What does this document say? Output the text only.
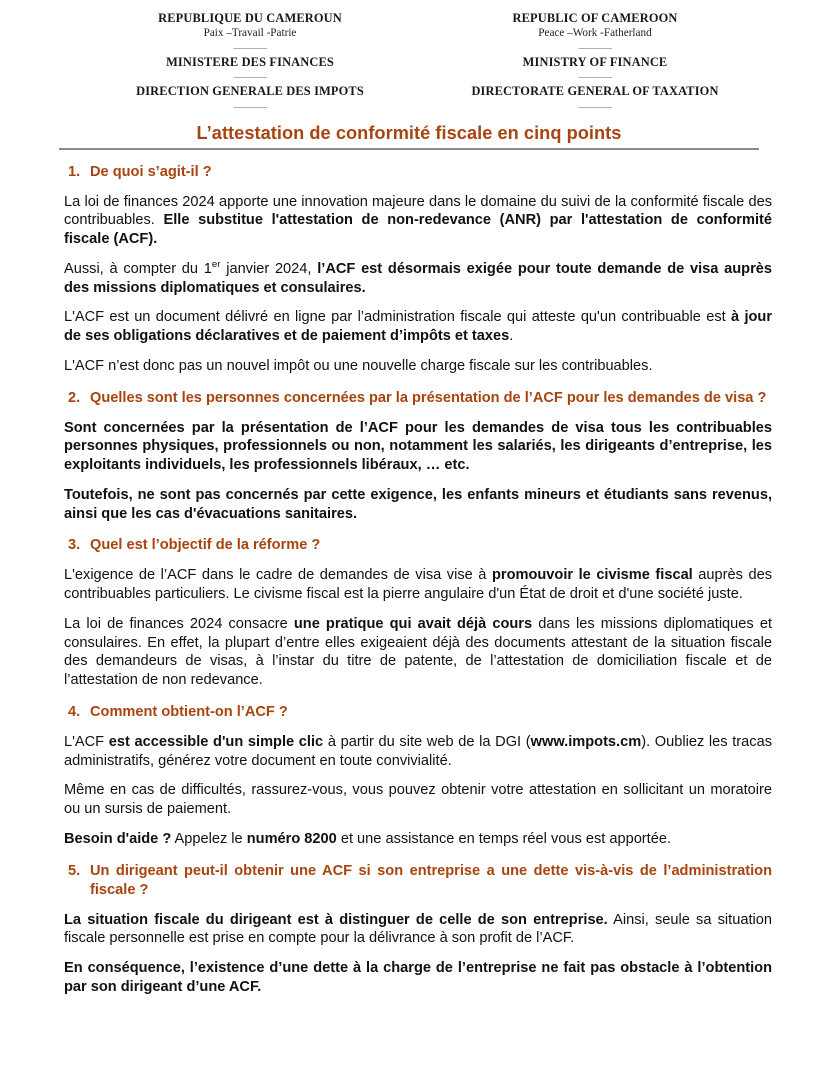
REPUBLIQUE DU CAMEROUN
Paix –Travail -Patrie
--------------
MINISTERE DES FINANCES
--------------
DIRECTION GENERALE DES IMPOTS
--------------
REPUBLIC OF CAMEROON
Peace –Work -Fatherland
--------------
MINISTRY OF FINANCE
--------------
DIRECTORATE GENERAL OF TAXATION
--------------
L’attestation de conformité fiscale en cinq points
1. De quoi s’agit-il ?

La loi de finances 2024 apporte une innovation majeure dans le domaine du suivi de la conformité fiscale des contribuables. Elle substitue l'attestation de non-redevance (ANR) par l'attestation de conformité fiscale (ACF).

Aussi, à compter du 1er janvier 2024, l’ACF est désormais exigée pour toute demande de visa auprès des missions diplomatiques et consulaires.

L'ACF est un document délivré en ligne par l’administration fiscale qui atteste qu'un contribuable est à jour de ses obligations déclaratives et de paiement d’impôts et taxes.

L'ACF n’est donc pas un nouvel impôt ou une nouvelle charge fiscale sur les contribuables.

2. Quelles sont les personnes concernées par la présentation de l’ACF pour les demandes de visa ?

Sont concernées par la présentation de l’ACF pour les demandes de visa tous les contribuables personnes physiques, professionnels ou non, notamment les salariés, les dirigeants d’entreprise, les exploitants individuels, les professionnels libéraux, … etc.

Toutefois, ne sont pas concernés par cette exigence, les enfants mineurs et étudiants sans revenus, ainsi que les cas d'évacuations sanitaires.

3. Quel est l’objectif de la réforme ?

L'exigence de l’ACF dans le cadre de demandes de visa vise à promouvoir le civisme fiscal auprès des contribuables particuliers. Le civisme fiscal est la pierre angulaire d'un État de droit et d'une société juste.

La loi de finances 2024 consacre une pratique qui avait déjà cours dans les missions diplomatiques et consulaires. En effet, la plupart d’entre elles exigeaient déjà des documents attestant de la situation fiscale des demandeurs de visas, à l’instar du titre de patente, de l’attestation de domiciliation fiscale et de l’attestation de non redevance.

4. Comment obtient-on l’ACF ?

L'ACF est accessible d'un simple clic à partir du site web de la DGI (www.impots.cm). Oubliez les tracas administratifs, générez votre document en toute convivialité.

Même en cas de difficultés, rassurez-vous, vous pouvez obtenir votre attestation en sollicitant un moratoire ou un sursis de paiement.

Besoin d'aide ? Appelez le numéro 8200 et une assistance en temps réel vous est apportée.

5. Un dirigeant peut-il obtenir une ACF si son entreprise a une dette vis-à-vis de l’administration fiscale ?

La situation fiscale du dirigeant est à distinguer de celle de son entreprise. Ainsi, seule sa situation fiscale personnelle est prise en compte pour la délivrance à son profit de l’ACF.

En conséquence, l’existence d’une dette à la charge de l’entreprise ne fait pas obstacle à l’obtention par son dirigeant d’une ACF.
